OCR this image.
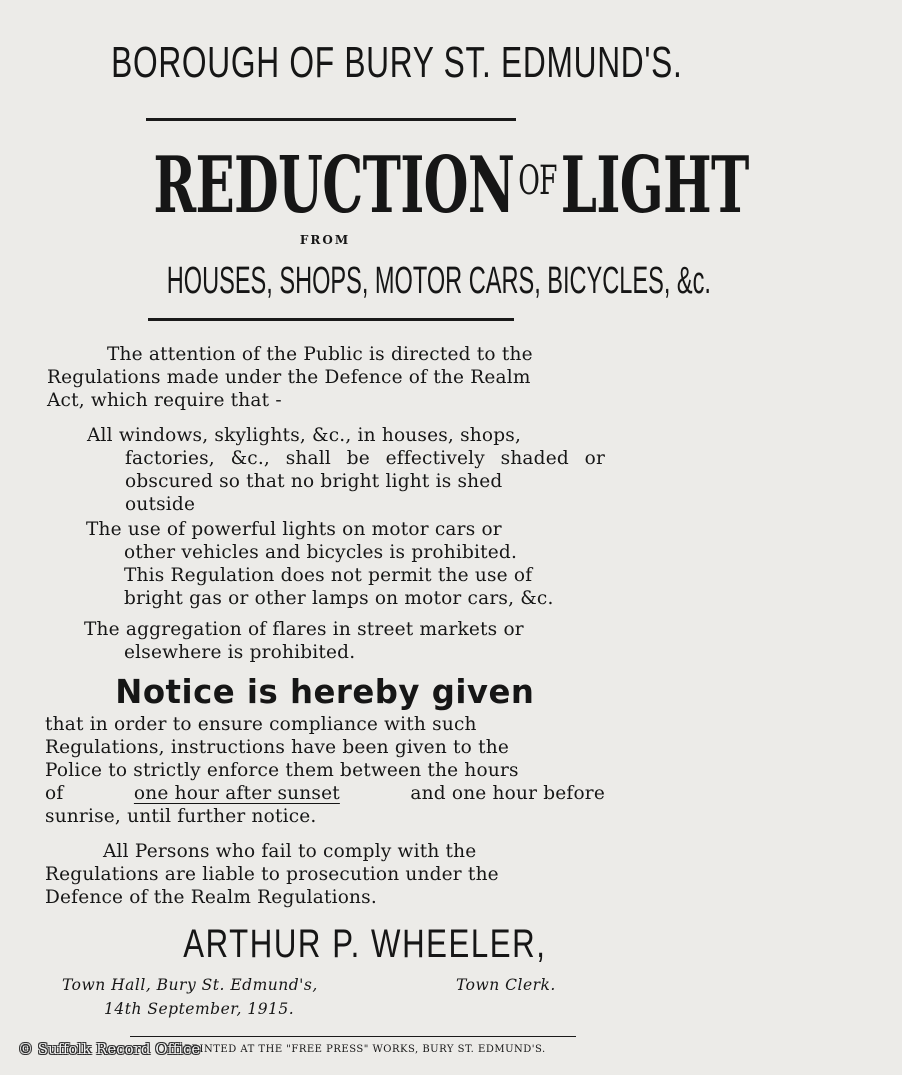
BOROUGH OF BURY ST. EDMUND'S.
$REDUCTION^{OF}LIGHT$
FROM
HOUSES, SHOPS, MOTOR CARS, BICYCLES, &c.
The attention of the Public is directed to the
Regulations made under the Defence of the Realm
Act, which require that -
All windows, skylights, &c., in houses, shops,
factories, &c., shall be effectively shaded or
obscured so that no bright light is shed
outside
The use of powerful lights on motor cars or
other vehicles and bicycles is prohibited.
This Regulation does not permit the use of
bright gas or other lamps on motor cars, &c.
The aggregation of flares in street markets or
elsewhere is prohibited.
Notice is hereby given
that in order to ensure compliance with such
Regulations, instructions have been given to the
Police to strictly enforce them between the hours
of	one hour after sunset	and one hour before
sunrise, until further notice.
All Persons who fail to comply with the
Regulations are liable to prosecution under the
Defence of the Realm Regulations.
ARTHUR P. WHEELER,
Town Hall, Bury St. Edmund's,
14th September, 1915.
Town Clerk.
PRINTED AT THE "FREE PRESS" WORKS, BURY ST. EDMUND'S.
© Suffolk Record Office
